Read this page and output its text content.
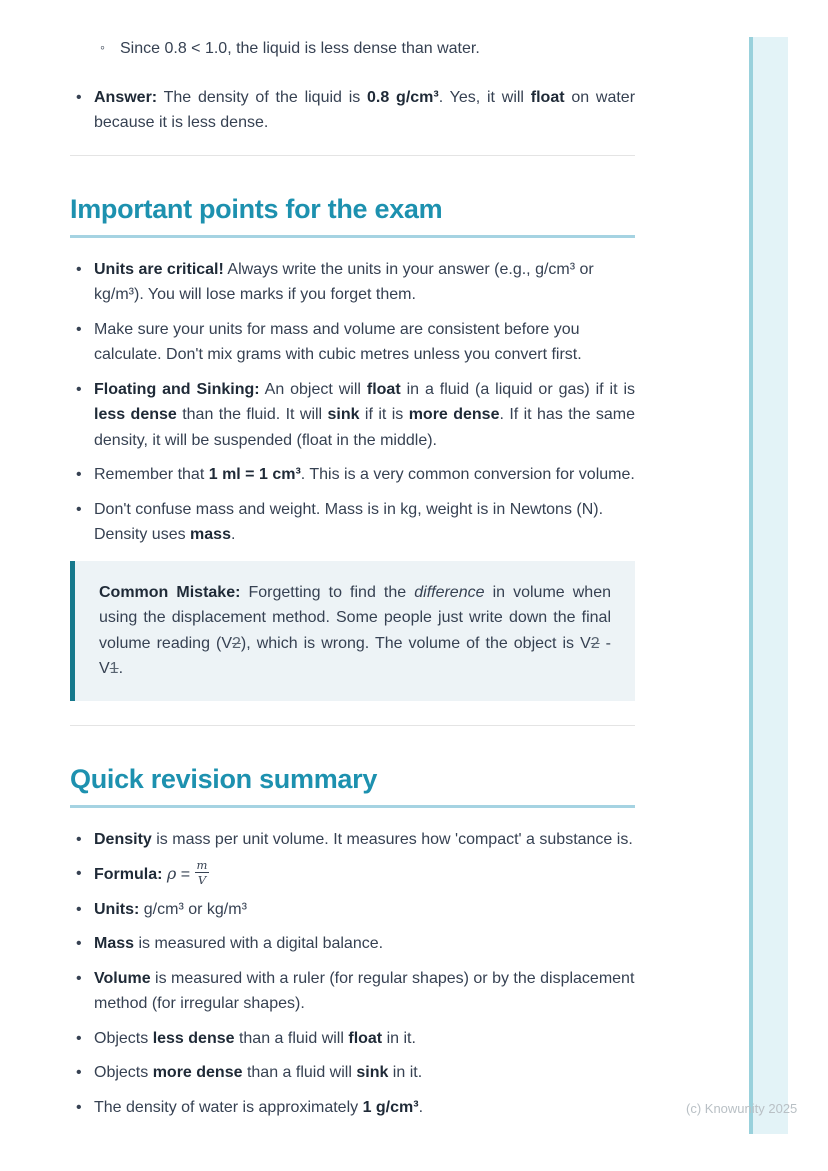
(c) Knowunity 2025
◦ Since 0.8 < 1.0, the liquid is less dense than water.
• Answer: The density of the liquid is 0.8 g/cm³. Yes, it will float on water because it is less dense.
Important points for the exam
• Units are critical! Always write the units in your answer (e.g., g/cm³ or kg/m³). You will lose marks if you forget them.
• Make sure your units for mass and volume are consistent before you calculate. Don't mix grams with cubic metres unless you convert first.
• Floating and Sinking: An object will float in a fluid (a liquid or gas) if it is less dense than the fluid. It will sink if it is more dense. If it has the same density, it will be suspended (float in the middle).
• Remember that 1 ml = 1 cm³. This is a very common conversion for volume.
• Don't confuse mass and weight. Mass is in kg, weight is in Newtons (N). Density uses mass.

Common Mistake: Forgetting to find the difference in volume when using the displacement method. Some people just write down the final volume reading (V2), which is wrong. The volume of the object is V2 - V1.

Quick revision summary
• Density is mass per unit volume. It measures how 'compact' a substance is.
• Formula: $\rho = \frac{m}{V}$
• Units: g/cm³ or kg/m³
• Mass is measured with a digital balance.
• Volume is measured with a ruler (for regular shapes) or by the displacement method (for irregular shapes).
• Objects less dense than a fluid will float in it.
• Objects more dense than a fluid will sink in it.
• The density of water is approximately 1 g/cm³.
